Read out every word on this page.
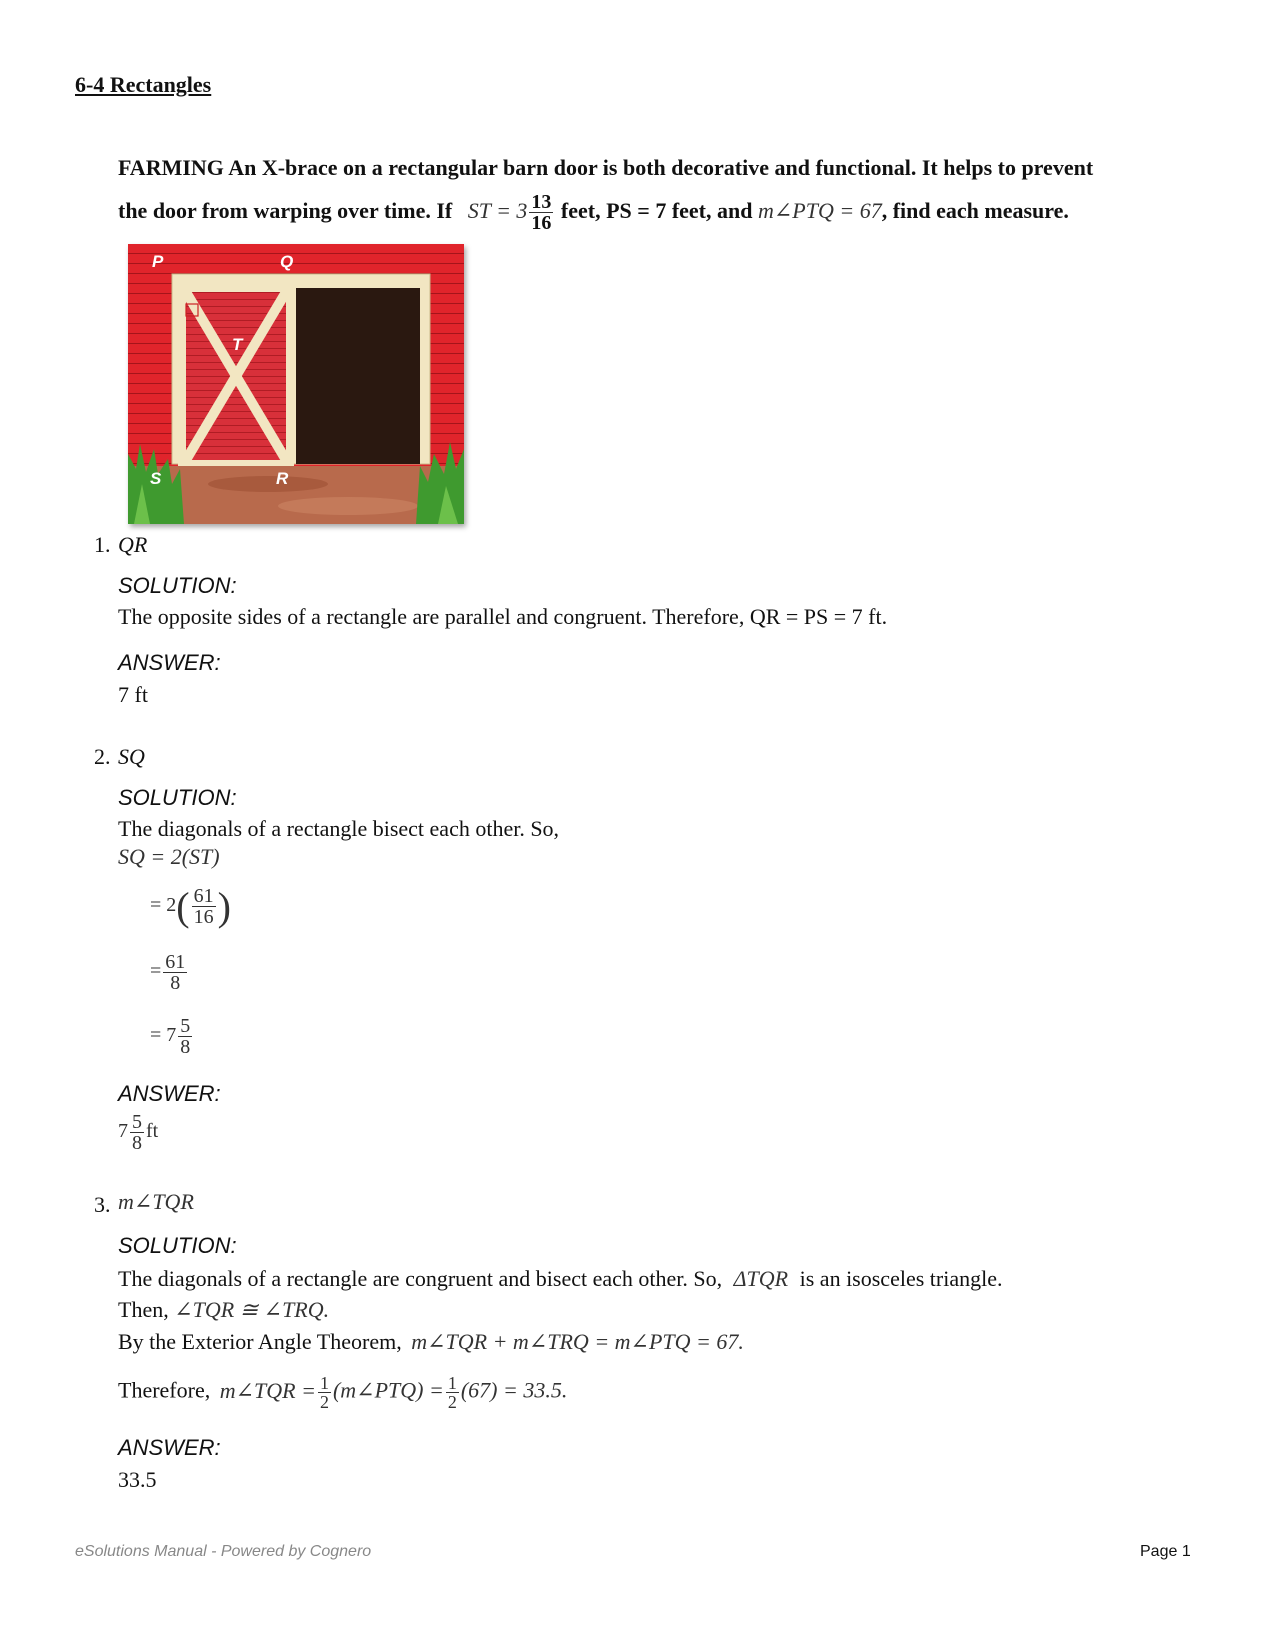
6-4 Rectangles
FARMING An X-brace on a rectangular barn door is both decorative and functional. It helps to prevent
the door from warping over time. If ST = $3 \frac{13}{16}$ feet, PS = 7 feet, and m∠PTQ = 67, find each measure.
P	Q
T
S	R
1. QR
SOLUTION:
The opposite sides of a rectangle are parallel and congruent. Therefore, QR = PS = 7 ft.
ANSWER:
7 ft
2. SQ
SOLUTION:
The diagonals of a rectangle bisect each other. So,
SQ = 2(ST)
= $2( \frac{61}{16}$ )
= $\frac{61}{8}$
= $7 \frac{5}{8}$
ANSWER:
$7 \frac{5}{8}$ ft
3. m∠TQR
SOLUTION:
The diagonals of a rectangle are congruent and bisect each other. So, ΔTQR is an isosceles triangle.
Then, ∠TQR ≅ ∠TRQ.
By the Exterior Angle Theorem, m∠TQR + m∠TRQ = m∠PTQ = 67.
Therefore, m∠TQR = $\frac{1}{2}$ (m∠PTQ) = $\frac{1}{2} (67) = 33.5$.
ANSWER:
33.5
eSolutions Manual - Powered by Cognero	Page 1
